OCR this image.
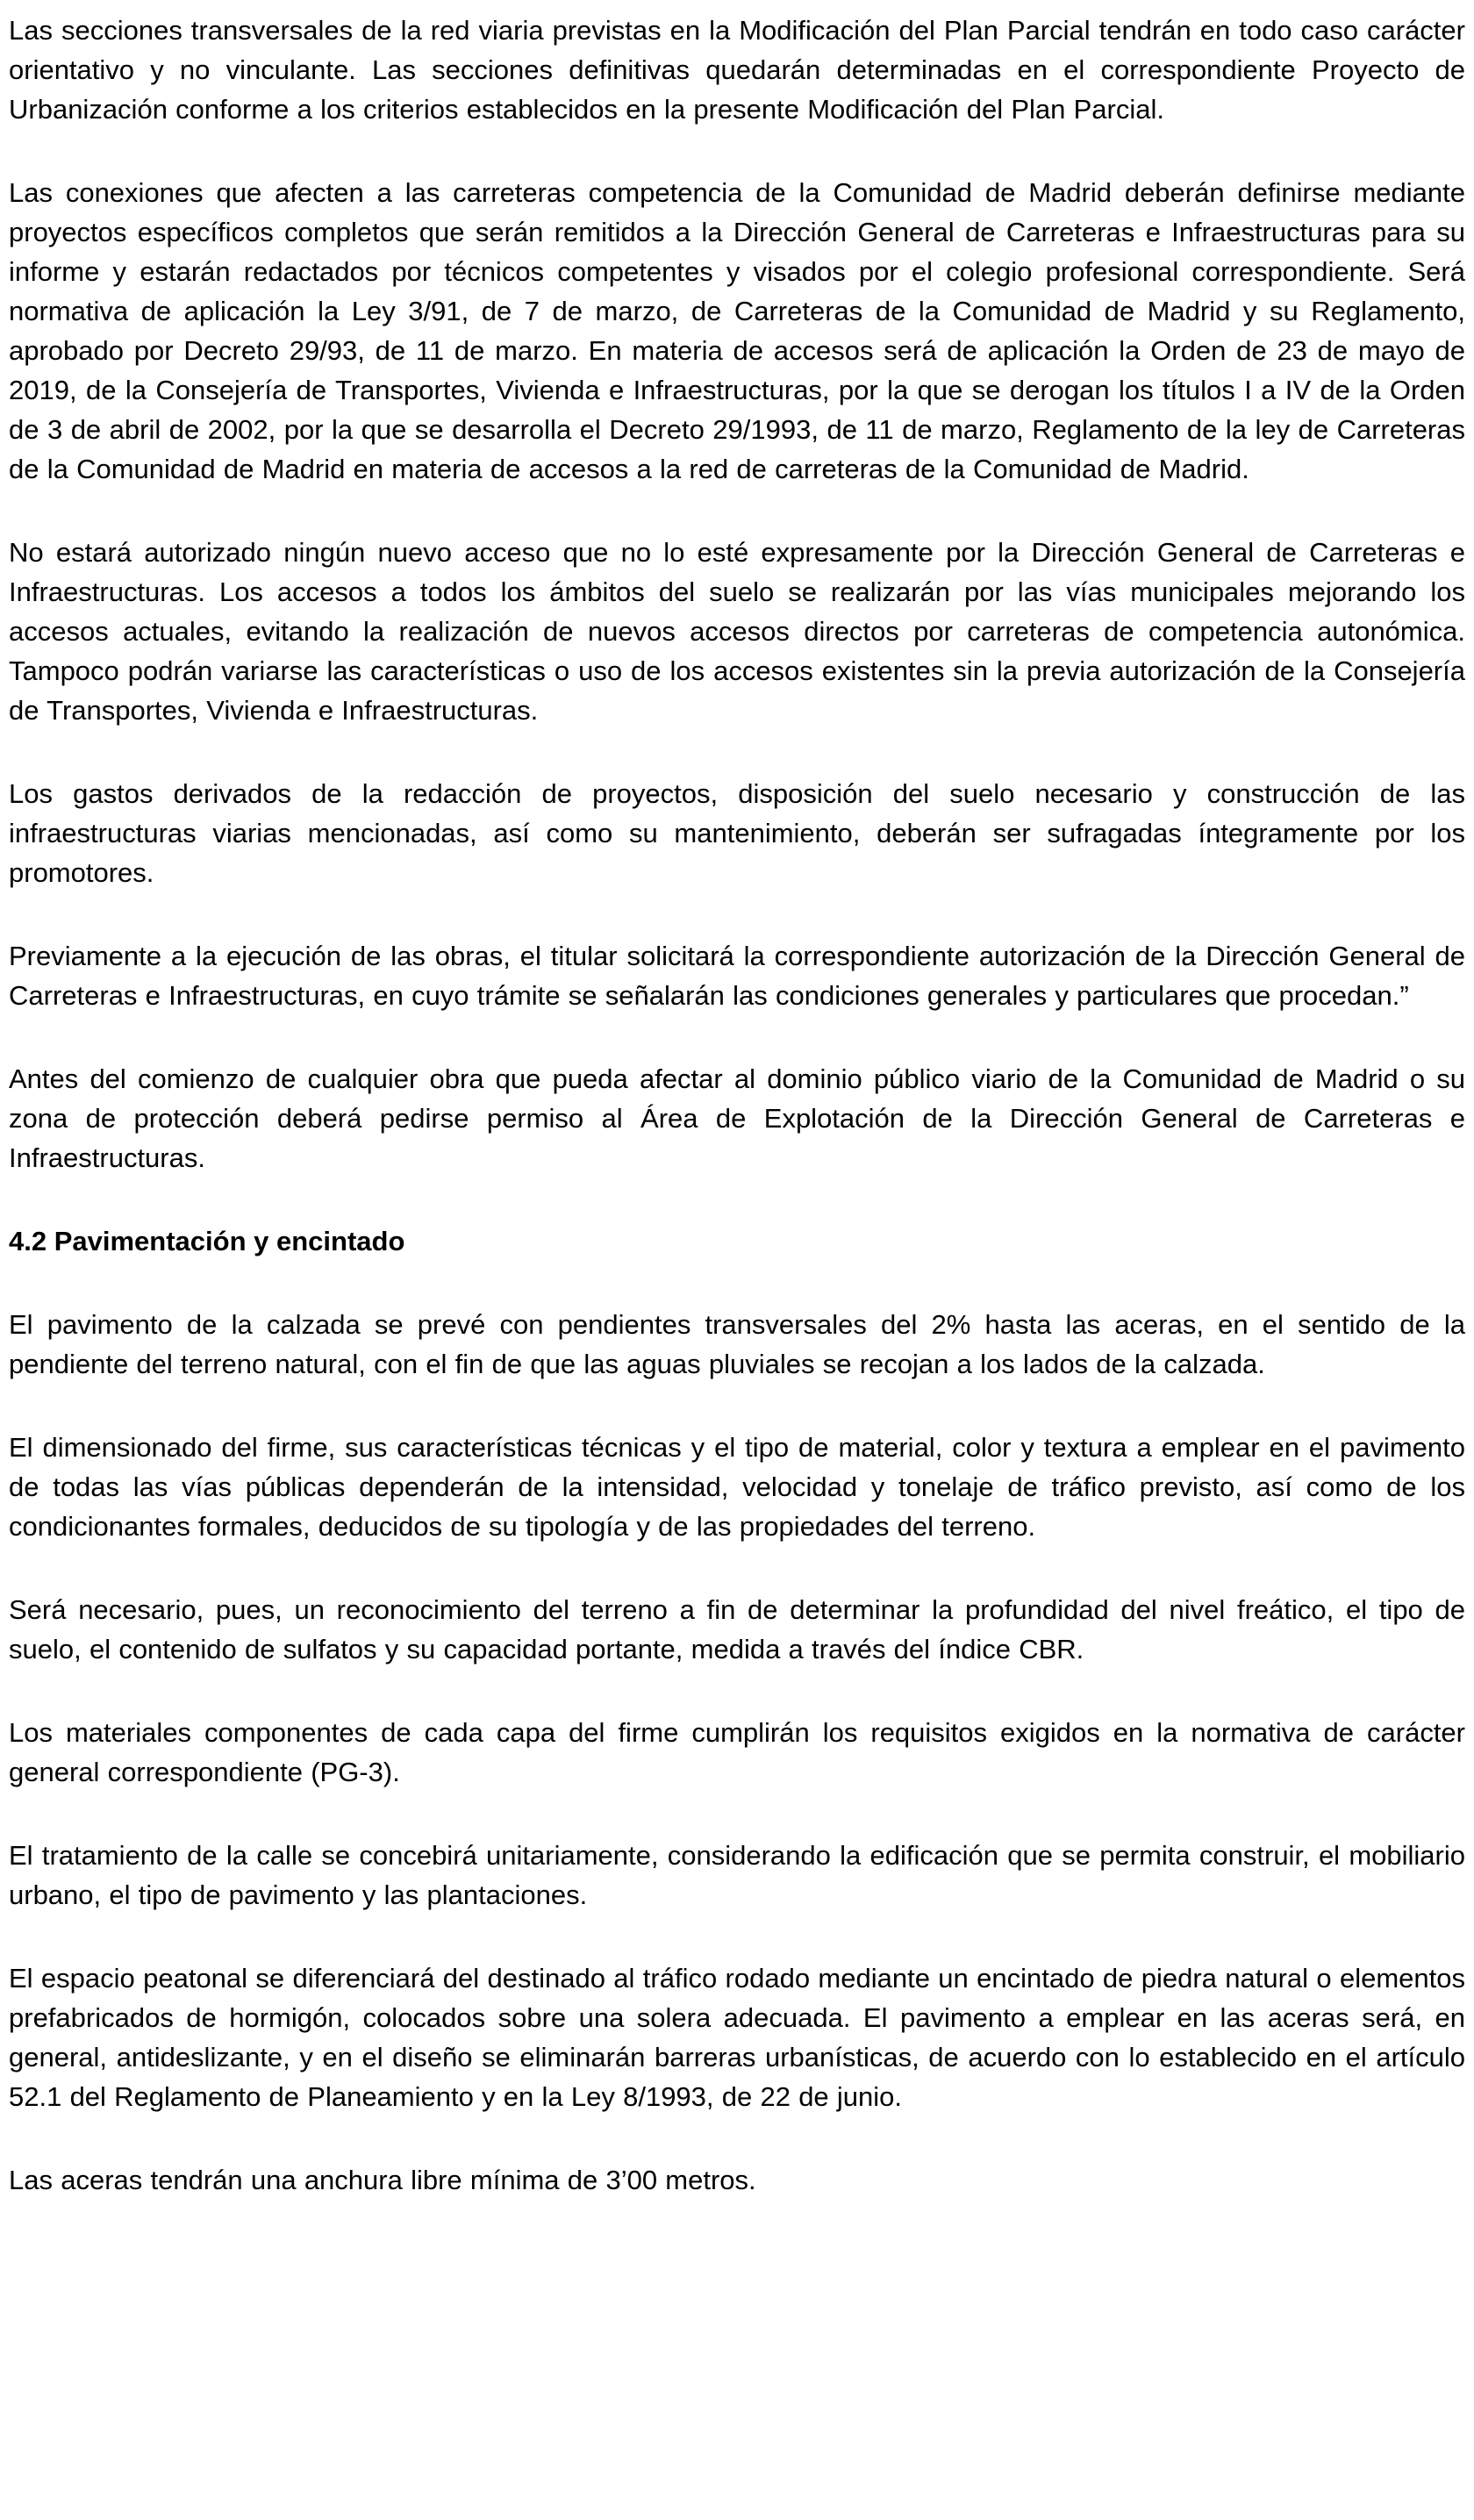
Las secciones transversales de la red viaria previstas en la Modificación del Plan Parcial tendrán en todo caso carácter orientativo y no vinculante. Las secciones definitivas quedarán determinadas en el correspondiente Proyecto de Urbanización conforme a los criterios establecidos en la presente Modificación del Plan Parcial.

Las conexiones que afecten a las carreteras competencia de la Comunidad de Madrid deberán definirse mediante proyectos específicos completos que serán remitidos a la Dirección General de Carreteras e Infraestructuras para su informe y estarán redactados por técnicos competentes y visados por el colegio profesional correspondiente. Será normativa de aplicación la Ley 3/91, de 7 de marzo, de Carreteras de la Comunidad de Madrid y su Reglamento, aprobado por Decreto 29/93, de 11 de marzo. En materia de accesos será de aplicación la Orden de 23 de mayo de 2019, de la Consejería de Transportes, Vivienda e Infraestructuras, por la que se derogan los títulos I a IV de la Orden de 3 de abril de 2002, por la que se desarrolla el Decreto 29/1993, de 11 de marzo, Reglamento de la ley de Carreteras de la Comunidad de Madrid en materia de accesos a la red de carreteras de la Comunidad de Madrid.

No estará autorizado ningún nuevo acceso que no lo esté expresamente por la Dirección General de Carreteras e Infraestructuras. Los accesos a todos los ámbitos del suelo se realizarán por las vías municipales mejorando los accesos actuales, evitando la realización de nuevos accesos directos por carreteras de competencia autonómica. Tampoco podrán variarse las características o uso de los accesos existentes sin la previa autorización de la Consejería de Transportes, Vivienda e Infraestructuras.

Los gastos derivados de la redacción de proyectos, disposición del suelo necesario y construcción de las infraestructuras viarias mencionadas, así como su mantenimiento, deberán ser sufragadas íntegramente por los promotores.

Previamente a la ejecución de las obras, el titular solicitará la correspondiente autorización de la Dirección General de Carreteras e Infraestructuras, en cuyo trámite se señalarán las condiciones generales y particulares que procedan.”

Antes del comienzo de cualquier obra que pueda afectar al dominio público viario de la Comunidad de Madrid o su zona de protección deberá pedirse permiso al Área de Explotación de la Dirección General de Carreteras e Infraestructuras.

4.2 Pavimentación y encintado

El pavimento de la calzada se prevé con pendientes transversales del 2% hasta las aceras, en el sentido de la pendiente del terreno natural, con el fin de que las aguas pluviales se recojan a los lados de la calzada.

El dimensionado del firme, sus características técnicas y el tipo de material, color y textura a emplear en el pavimento de todas las vías públicas dependerán de la intensidad, velocidad y tonelaje de tráfico previsto, así como de los condicionantes formales, deducidos de su tipología y de las propiedades del terreno.

Será necesario, pues, un reconocimiento del terreno a fin de determinar la profundidad del nivel freático, el tipo de suelo, el contenido de sulfatos y su capacidad portante, medida a través del índice CBR.

Los materiales componentes de cada capa del firme cumplirán los requisitos exigidos en la normativa de carácter general correspondiente (PG-3).

El tratamiento de la calle se concebirá unitariamente, considerando la edificación que se permita construir, el mobiliario urbano, el tipo de pavimento y las plantaciones.

El espacio peatonal se diferenciará del destinado al tráfico rodado mediante un encintado de piedra natural o elementos prefabricados de hormigón, colocados sobre una solera adecuada. El pavimento a emplear en las aceras será, en general, antideslizante, y en el diseño se eliminarán barreras urbanísticas, de acuerdo con lo establecido en el artículo 52.1 del Reglamento de Planeamiento y en la Ley 8/1993, de 22 de junio.

Las aceras tendrán una anchura libre mínima de 3’00 metros.
